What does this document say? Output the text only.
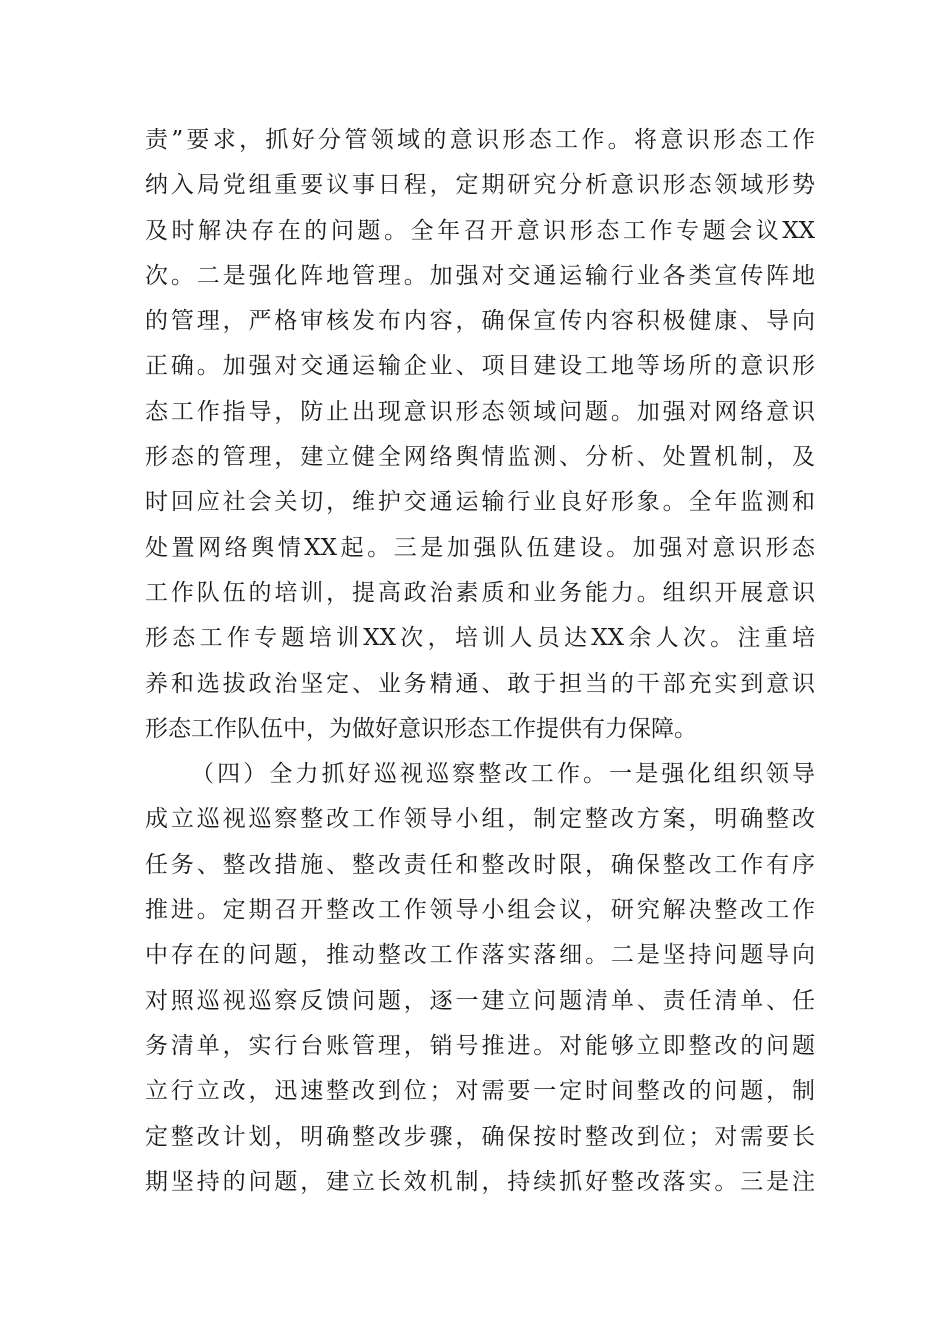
责”要求，抓好分管领域的意识形态工作。将意识形态工作
纳入局党组重要议事日程，定期研究分析意识形态领域形势
及时解决存在的问题。全年召开意识形态工作专题会议XX
次。二是强化阵地管理。加强对交通运输行业各类宣传阵地
的管理，严格审核发布内容，确保宣传内容积极健康、导向
正确。加强对交通运输企业、项目建设工地等场所的意识形
态工作指导，防止出现意识形态领域问题。加强对网络意识
形态的管理，建立健全网络舆情监测、分析、处置机制，及
时回应社会关切，维护交通运输行业良好形象。全年监测和
处置网络舆情XX起。三是加强队伍建设。加强对意识形态
工作队伍的培训，提高政治素质和业务能力。组织开展意识
形态工作专题培训XX次，培训人员达XX余人次。注重培
养和选拔政治坚定、业务精通、敢于担当的干部充实到意识
形态工作队伍中，为做好意识形态工作提供有力保障。
（四）全力抓好巡视巡察整改工作。一是强化组织领导
成立巡视巡察整改工作领导小组，制定整改方案，明确整改
任务、整改措施、整改责任和整改时限，确保整改工作有序
推进。定期召开整改工作领导小组会议，研究解决整改工作
中存在的问题，推动整改工作落实落细。二是坚持问题导向
对照巡视巡察反馈问题，逐一建立问题清单、责任清单、任
务清单，实行台账管理，销号推进。对能够立即整改的问题
立行立改，迅速整改到位；对需要一定时间整改的问题，制
定整改计划，明确整改步骤，确保按时整改到位；对需要长
期坚持的问题，建立长效机制，持续抓好整改落实。三是注
